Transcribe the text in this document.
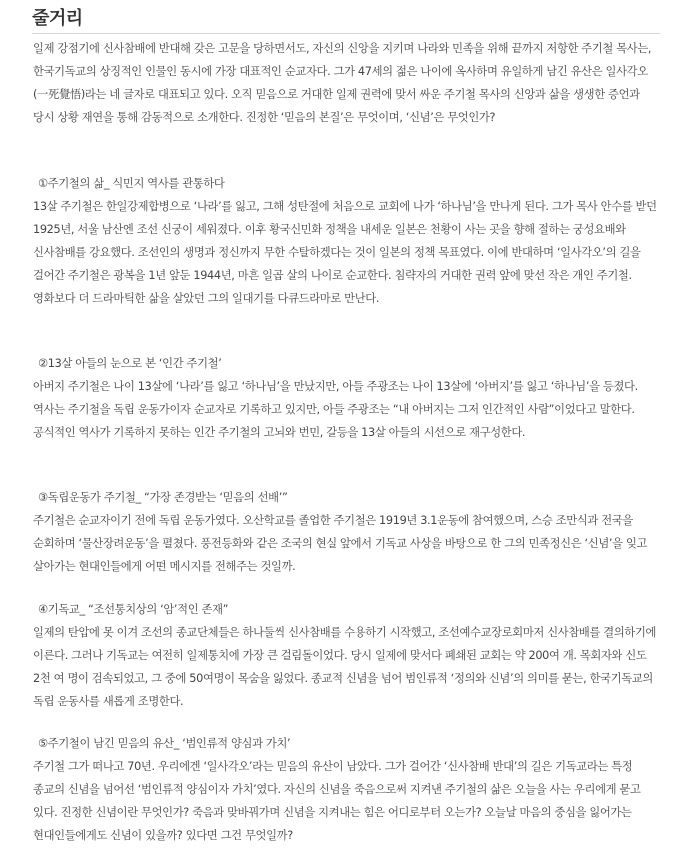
줄거리

일제 강점기에 신사참배에 반대해 갖은 고문을 당하면서도, 자신의 신앙을 지키며 나라와 민족을 위해 끝까지 저항한 주기철 목사는, 한국기독교의 상징적인 인물인 동시에 가장 대표적인 순교자다. 그가 47세의 젊은 나이에 옥사하며 유일하게 남긴 유산은 일사각오(一死覺悟)라는 네 글자로 대표되고 있다. 오직 믿음으로 거대한 일제 권력에 맞서 싸운 주기철 목사의 신앙과 삶을 생생한 증언과 당시 상황 재연을 통해 감동적으로 소개한다. 진정한 ‘믿음의 본질’은 무엇이며, ‘신념’은 무엇인가?

①주기철의 삶_ 식민지 역사를 관통하다

13살 주기철은 한일강제합병으로 ‘나라’를 잃고, 그해 성탄절에 처음으로 교회에 나가 ‘하나님’을 만나게 된다. 그가 목사 안수를 받던 1925년, 서울 남산엔 조선 신궁이 세워졌다. 이후 황국신민화 정책을 내세운 일본은 천황이 사는 곳을 향해 절하는 궁성요배와 신사참배를 강요했다. 조선인의 생명과 정신까지 무한 수탈하겠다는 것이 일본의 정책 목표였다. 이에 반대하며 ‘일사각오’의 길을 걸어간 주기철은 광복을 1년 앞둔 1944년, 마흔 일곱 살의 나이로 순교한다. 침략자의 거대한 권력 앞에 맞선 작은 개인 주기철. 영화보다 더 드라마틱한 삶을 살았던 그의 일대기를 다큐드라마로 만난다.

②13살 아들의 눈으로 본 ‘인간 주기철’

아버지 주기철은 나이 13살에 ‘나라’를 잃고 ‘하나님’을 만났지만, 아들 주광조는 나이 13살에 ‘아버지’를 잃고 ‘하나님’을 등졌다. 역사는 주기철을 독립 운동가이자 순교자로 기록하고 있지만, 아들 주광조는 “내 아버지는 그저 인간적인 사람”이었다고 말한다. 공식적인 역사가 기록하지 못하는 인간 주기철의 고뇌와 번민, 갈등을 13살 아들의 시선으로 재구성한다.

③독립운동가 주기철_ “가장 존경받는 ‘믿음의 선배’”

주기철은 순교자이기 전에 독립 운동가였다. 오산학교를 졸업한 주기철은 1919년 3.1운동에 참여했으며, 스승 조만식과 전국을 순회하며 ‘물산장려운동’을 펼쳤다. 풍전등화와 같은 조국의 현실 앞에서 기독교 사상을 바탕으로 한 그의 민족정신은 ‘신념’을 잊고 살아가는 현대인들에게 어떤 메시지를 전해주는 것일까.

④기독교_ “조선통치상의 ‘암’적인 존재”

일제의 탄압에 못 이겨 조선의 종교단체들은 하나둘씩 신사참배를 수용하기 시작했고, 조선예수교장로회마저 신사참배를 결의하기에 이른다. 그러나 기독교는 여전히 일제통치에 가장 큰 걸림돌이었다. 당시 일제에 맞서다 폐쇄된 교회는 약 200여 개. 목회자와 신도 2천 여 명이 검속되었고, 그 중에 50여명이 목숨을 잃었다. 종교적 신념을 넘어 범인류적 ‘정의와 신념’의 의미를 묻는, 한국기독교의 독립 운동사를 새롭게 조명한다.

⑤주기철이 남긴 믿음의 유산_ ‘범인류적 양심과 가치’

주기철 그가 떠나고 70년. 우리에겐 ‘일사각오’라는 믿음의 유산이 남았다. 그가 걸어간 ‘신사참배 반대’의 길은 기독교라는 특정 종교의 신념을 넘어선 ‘범인류적 양심이자 가치’였다. 자신의 신념을 죽음으로써 지켜낸 주기철의 삶은 오늘을 사는 우리에게 묻고 있다. 진정한 신념이란 무엇인가? 죽음과 맞바꿔가며 신념을 지켜내는 힘은 어디로부터 오는가? 오늘날 마음의 중심을 잃어가는 현대인들에게도 신념이 있을까? 있다면 그건 무엇일까?
